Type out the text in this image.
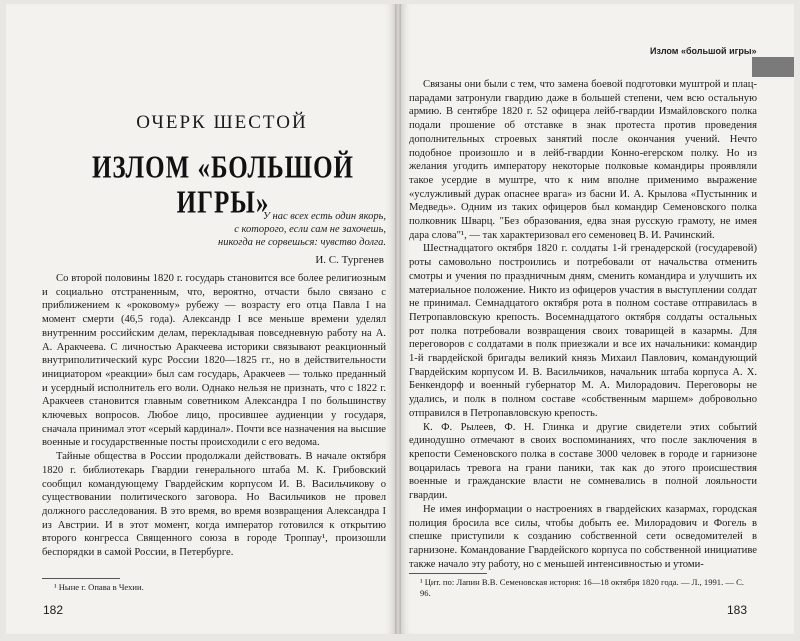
Излом «большой игры»
ОЧЕРК ШЕСТОЙ
ИЗЛОМ «БОЛЬШОЙ ИГРЫ»
У нас всех есть один якорь,
с которого, если сам не захочешь,
никогда не сорвешься: чувство долга.
И. С. Тургенев

Со второй половины 1820 г. государь становится все более религиозным и социально отстраненным, что, вероятно, отчасти было связано с приближением к «роковому» рубежу — возрасту его отца Павла I на момент смерти (46,5 года). Александр I все меньше времени уделял внутренним российским делам, перекладывая повседневную работу на А. А. Аракчеева. С личностью Аракчеева историки связывают реакционный внутриполитический курс России 1820—1825 гг., но в действительности инициатором «реакции» был сам государь, Аракчеев — только преданный и усердный исполнитель его воли. Однако нельзя не признать, что с 1822 г. Аракчеев становится главным советником Александра I по большинству ключевых вопросов. Любое лицо, просившее аудиенции у государя, сначала принимал этот «серый кардинал». Почти все назначения на высшие военные и государственные посты происходили с его ведома.

Тайные общества в России продолжали действовать. В начале октября 1820 г. библиотекарь Гвардии генерального штаба М. К. Грибовский сообщил командующему Гвардейским корпусом И. В. Васильчикову о существовании политического заговора. Но Васильчиков не провел должного расследования. В это время, во время возвращения Александра I из Австрии. И в этот момент, когда император готовился к открытию второго конгресса Священного союза в городе Троппау¹, произошли беспорядки в самой России, в Петербурге.

¹ Ныне г. Опава в Чехии.
182

Связаны они были с тем, что замена боевой подготовки муштрой и плац-парадами затронули гвардию даже в большей степени, чем всю остальную армию. В сентябре 1820 г. 52 офицера лейб-гвардии Измайловского полка подали прошение об отставке в знак протеста против проведения дополнительных строевых занятий после окончания учений. Нечто подобное произошло и в лейб-гвардии Конно-егерском полку. Но из желания угодить императору некоторые полковые командиры проявляли такое усердие в муштре, что к ним вполне применимо выражение «услужливый дурак опаснее врага» из басни И. А. Крылова «Пустынник и Медведь». Одним из таких офицеров был командир Семеновского полка полковник Шварц. "Без образования, едва зная русскую грамоту, не имея дара слова"¹, — так характеризовал его семеновец В. И. Рачинский.

Шестнадцатого октября 1820 г. солдаты 1-й гренадерской (государевой) роты самовольно построились и потребовали от начальства отменить смотры и учения по праздничным дням, сменить командира и улучшить их материальное положение. Никто из офицеров участия в выступлении солдат не принимал. Семнадцатого октября рота в полном составе отправилась в Петропавловскую крепость. Восемнадцатого октября солдаты остальных рот полка потребовали возвращения своих товарищей в казармы. Для переговоров с солдатами в полк приезжали и все их начальники: командир 1-й гвардейской бригады великий князь Михаил Павлович, командующий Гвардейским корпусом И. В. Васильчиков, начальник штаба корпуса А. Х. Бенкендорф и военный губернатор М. А. Милорадович. Переговоры не удались, и полк в полном составе «собственным маршем» добровольно отправился в Петропавловскую крепость.

К. Ф. Рылеев, Ф. Н. Глинка и другие свидетели этих событий единодушно отмечают в своих воспоминаниях, что после заключения в крепости Семеновского полка в составе 3000 человек в городе и гарнизоне воцарилась тревога на грани паники, так как до этого происшествия военные и гражданские власти не сомневались в полной лояльности гвардии.

Не имея информации о настроениях в гвардейских казармах, городская полиция бросила все силы, чтобы добыть ее. Милорадович и Фогель в спешке приступили к созданию собственной сети осведомителей в гарнизоне. Командование Гвардейского корпуса по собственной инициативе также начало эту работу, но с меньшей интенсивностью и утоми-

¹ Цит. по: Лапин В.В. Семеновская история: 16—18 октября 1820 года. — Л., 1991. — С. 96.
183
